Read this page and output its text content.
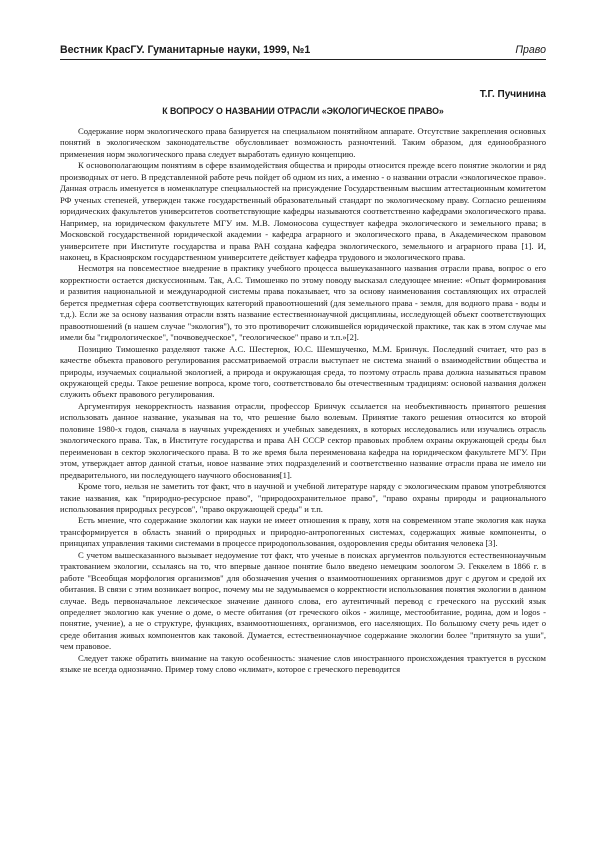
Вестник КрасГУ. Гуманитарные науки, 1999, №1	Право
Т.Г. Пучинина
К ВОПРОСУ О НАЗВАНИИ ОТРАСЛИ «ЭКОЛОГИЧЕСКОЕ ПРАВО»

Содержание норм экологического права базируется на специальном понятийном аппарате. Отсутствие закрепления основных понятий в экологическом законодательстве обусловливает возможность разночтений. Таким образом, для единообразного применения норм экологического права следует выработать единую концепцию.

К основополагающим понятиям в сфере взаимодействия общества и природы относится прежде всего понятие экологии и ряд производных от него. В представленной работе речь пойдет об одном из них, а именно - о названии отрасли «экологическое право». Данная отрасль именуется в номенклатуре специальностей на присуждение Государственным высшим аттестационным комитетом РФ ученых степеней, утвержден также государственный образовательный стандарт по экологическому праву. Согласно решениям юридических факультетов университетов соответствующие кафедры называются соответственно кафедрами экологического права. Например, на юридическом факультете МГУ им. М.В. Ломоносова существует кафедра экологического и земельного права; в Московской государственной юридической академии - кафедра аграрного и экологического права, в Академическом правовом университете при Институте государства и права РАН создана кафедра экологического, земельного и аграрного права [1]. И, наконец, в Красноярском государственном университете действует кафедра трудового и экологического права.

Несмотря на повсеместное внедрение в практику учебного процесса вышеуказанного названия отрасли права, вопрос о его корректности остается дискуссионным. Так, А.С. Тимошенко по этому поводу высказал следующее мнение: «Опыт формирования и развития национальной и международной системы права показывает, что за основу наименования составляющих их отраслей берется предметная сфера соответствующих категорий правоотношений (для земельного права - земля, для водного права - воды и т.д.). Если же за основу названия отрасли взять название естественнонаучной дисциплины, исследующей объект соответствующих правоотношений (в нашем случае "экология"), то это противоречит сложившейся юридической практике, так как в этом случае мы имели бы "гидрологическое", "почвоведческое", "геологическое" право и т.п.»[2].

Позицию Тимошенко разделяют также А.С. Шестерюк, Ю.С. Шемшученко, М.М. Бринчук. Последний считает, что раз в качестве объекта правового регулирования рассматриваемой отрасли выступает не система знаний о взаимодействии общества и природы, изучаемых социальной экологией, а природа и окружающая среда, то поэтому отрасль права должна называться правом окружающей среды. Такое решение вопроса, кроме того, соответствовало бы отечественным традициям: основой названия должен служить объект правового регулирования.

Аргументируя некорректность названия отрасли, профессор Бринчук ссылается на необъективность принятого решения использовать данное название, указывая на то, что решение было волевым. Принятие такого решения относится ко второй половине 1980-х годов, сначала в научных учреждениях и учебных заведениях, в которых исследовались или изучались отрасль экологического права. Так, в Институте государства и права АН СССР сектор правовых проблем охраны окружающей среды был переименован в сектор экологического права. В то же время была переименована кафедра на юридическом факультете МГУ. При этом, утверждает автор данной статьи, новое название этих подразделений и соответственно название отрасли права не имело ни предварительного, ни последующего научного обоснования[1].

Кроме того, нельзя не заметить тот факт, что в научной и учебной литературе наряду с экологическим правом употребляются такие названия, как "природно-ресурсное право", "природоохранительное право", "право охраны природы и рационального использования природных ресурсов", "право окружающей среды" и т.п.

Есть мнение, что содержание экологии как науки не имеет отношения к праву, хотя на современном этапе экология как наука трансформируется в область знаний о природных и природно-антропогенных системах, содержащих живые компоненты, о принципах управления такими системами в процессе природопользования, оздоровления среды обитания человека [3].

С учетом вышесказанного вызывает недоумение тот факт, что ученые в поисках аргументов пользуются естественнонаучным трактованием экологии, ссылаясь на то, что впервые данное понятие было введено немецким зоологом Э. Геккелем в 1866 г. в работе "Всеобщая морфология организмов" для обозначения учения о взаимоотношениях организмов друг с другом и средой их обитания. В связи с этим возникает вопрос, почему мы не задумываемся о корректности использования понятия экологии в данном случае. Ведь первоначальное лексическое значение данного слова, его аутентичный перевод с греческого на русский язык определяет экологию как учение о доме, о месте обитания (от греческого oikos - жилище, местообитание, родина, дом и logos - понятие, учение), а не о структуре, функциях, взаимоотношениях, организмов, его населяющих. По большому счету речь идет о среде обитания живых компонентов как таковой. Думается, естественнонаучное содержание экологии более "притянуто за уши", чем правовое.

Следует также обратить внимание на такую особенность: значение слов иностранного происхождения трактуется в русском языке не всегда однозначно. Пример тому слово «климат», которое с греческого переводится
